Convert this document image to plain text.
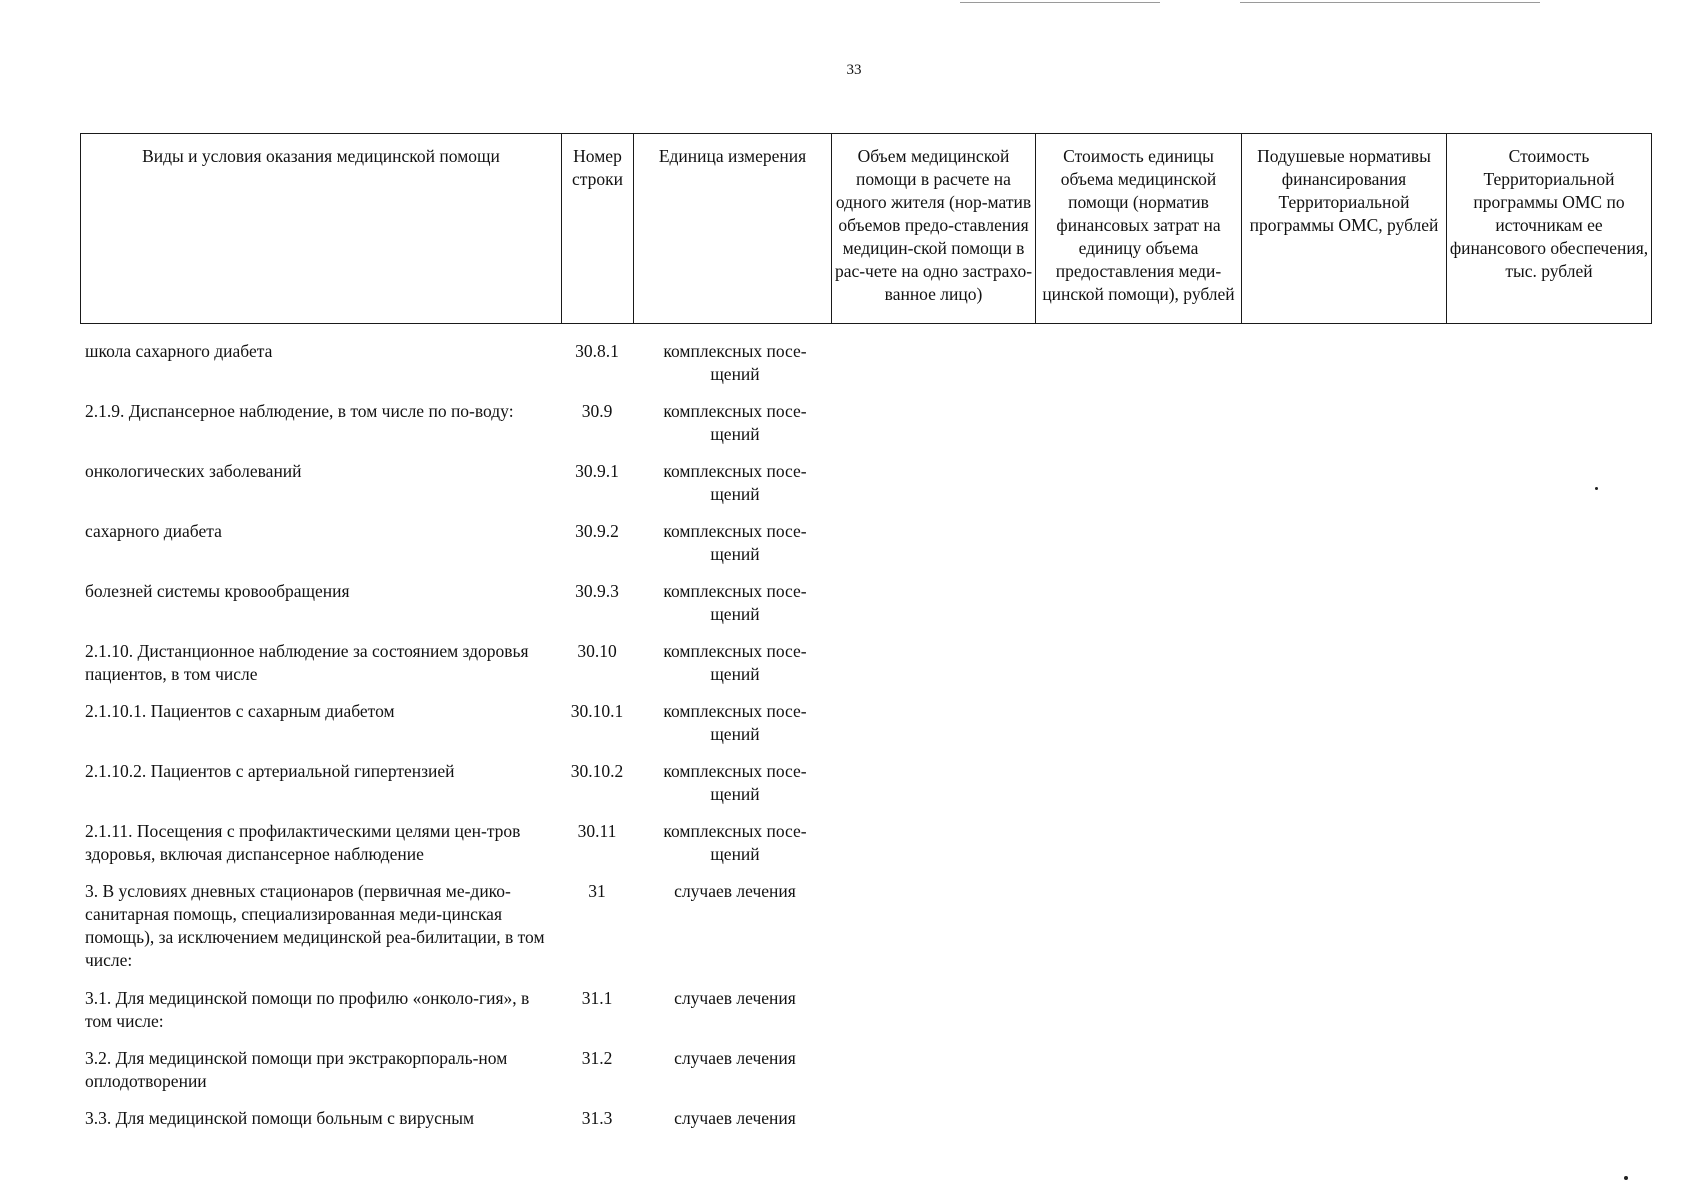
33
Виды и условия оказания медицинской помощи	Номер строки	Единица измерения	Объем медицинской помощи в расчете на одного жителя (нор-матив объемов предо-ставления медицин-ской помощи в рас-чете на одно застрахо-ванное лицо)	Стоимость единицы объема медицинской помощи (норматив финансовых затрат на единицу объема предоставления меди-цинской помощи), рублей	Подушевые нормативы финансирования Территориальной программы ОМС, рублей	Стоимость Территориальной программы ОМС по источникам ее финансового обеспечения, тыс. рублей
школа сахарного диабета	30.8.1	комплексных посе-щений
2.1.9. Диспансерное наблюдение, в том числе по по-воду:	30.9	комплексных посе-щений
онкологических заболеваний	30.9.1	комплексных посе-щений
сахарного диабета	30.9.2	комплексных посе-щений
болезней системы кровообращения	30.9.3	комплексных посе-щений
2.1.10. Дистанционное наблюдение за состоянием здоровья пациентов, в том числе	30.10	комплексных посе-щений
2.1.10.1. Пациентов с сахарным диабетом	30.10.1	комплексных посе-щений
2.1.10.2. Пациентов с артериальной гипертензией	30.10.2	комплексных посе-щений
2.1.11. Посещения с профилактическими целями цен-тров здоровья, включая диспансерное наблюдение	30.11	комплексных посе-щений
3. В условиях дневных стационаров (первичная ме-дико-санитарная помощь, специализированная меди-цинская помощь), за исключением медицинской реа-билитации, в том числе:	31	случаев лечения
3.1. Для медицинской помощи по профилю «онколо-гия», в том числе:	31.1	случаев лечения
3.2. Для медицинской помощи при экстракорпораль-ном оплодотворении	31.2	случаев лечения
3.3. Для медицинской помощи больным с вирусным	31.3	случаев лечения
